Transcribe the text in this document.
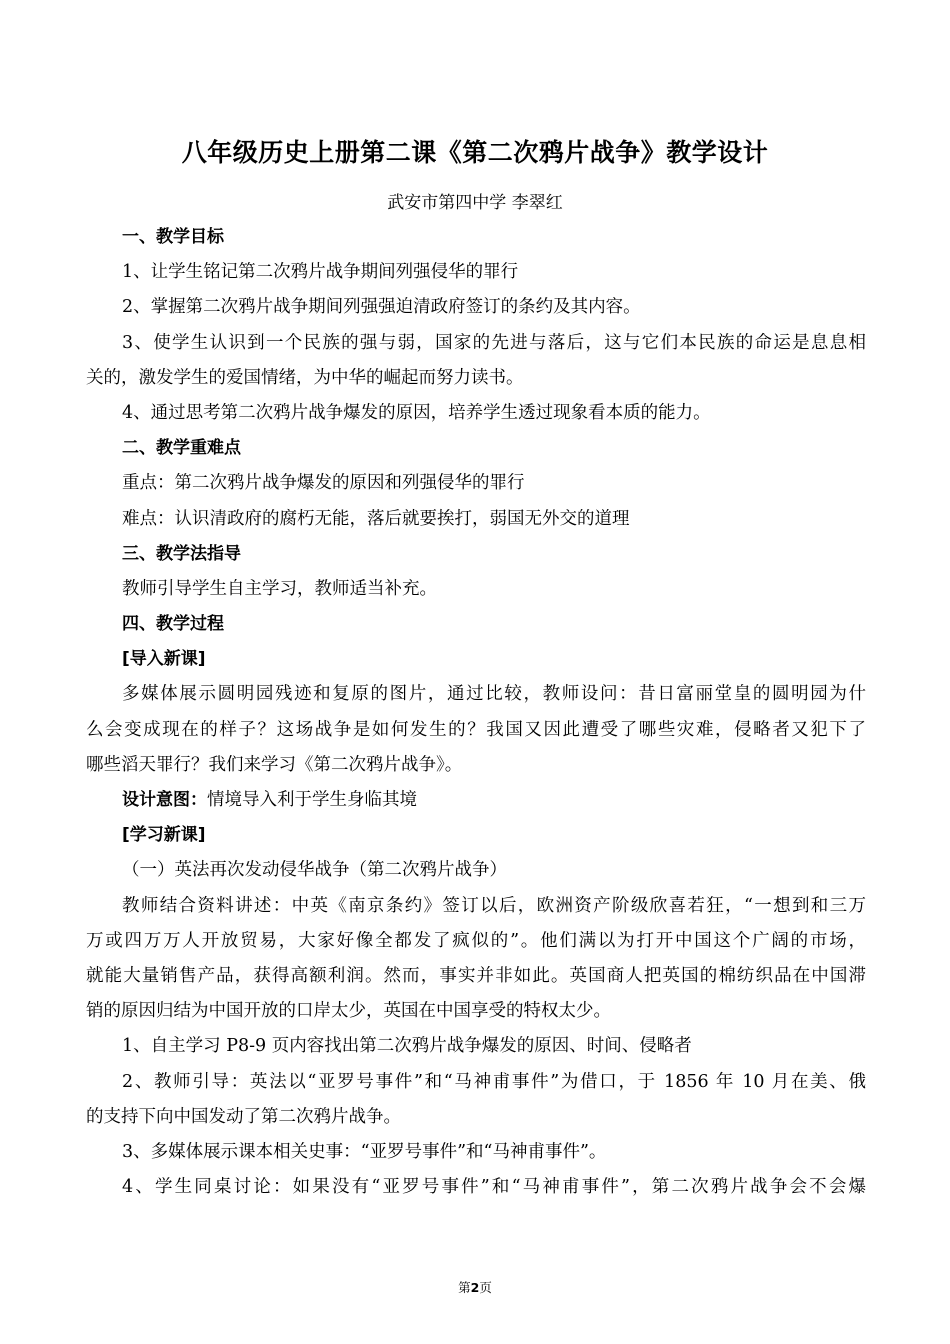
八年级历史上册第二课《第二次鸦片战争》教学设计
武安市第四中学 李翠红
一、教学目标
1、让学生铭记第二次鸦片战争期间列强侵华的罪行
2、掌握第二次鸦片战争期间列强强迫清政府签订的条约及其内容。
3、使学生认识到一个民族的强与弱，国家的先进与落后，这与它们本民族的命运是息息相
关的，激发学生的爱国情绪，为中华的崛起而努力读书。
4、通过思考第二次鸦片战争爆发的原因，培养学生透过现象看本质的能力。
二、教学重难点
重点：第二次鸦片战争爆发的原因和列强侵华的罪行
难点：认识清政府的腐朽无能，落后就要挨打，弱国无外交的道理
三、教学法指导
教师引导学生自主学习，教师适当补充。
四、教学过程
[导入新课]
多媒体展示圆明园残迹和复原的图片，通过比较，教师设问：昔日富丽堂皇的圆明园为什
么会变成现在的样子？这场战争是如何发生的？我国又因此遭受了哪些灾难，侵略者又犯下了
哪些滔天罪行？我们来学习《第二次鸦片战争》。
设计意图：情境导入利于学生身临其境
[学习新课]
（一）英法再次发动侵华战争（第二次鸦片战争）
教师结合资料讲述：中英《南京条约》签订以后，欧洲资产阶级欣喜若狂，“一想到和三万
万或四万万人开放贸易，大家好像全都发了疯似的”。他们满以为打开中国这个广阔的市场，
就能大量销售产品，获得高额利润。然而，事实并非如此。英国商人把英国的棉纺织品在中国滞
销的原因归结为中国开放的口岸太少，英国在中国享受的特权太少。
1、自主学习 P8-9 页内容找出第二次鸦片战争爆发的原因、时间、侵略者
2、教师引导：英法以“亚罗号事件”和“马神甫事件”为借口，于 1856 年 10 月在美、俄
的支持下向中国发动了第二次鸦片战争。
3、多媒体展示课本相关史事：“亚罗号事件”和“马神甫事件”。
4、学生同桌讨论：如果没有“亚罗号事件”和“马神甫事件”，第二次鸦片战争会不会爆
第2页
